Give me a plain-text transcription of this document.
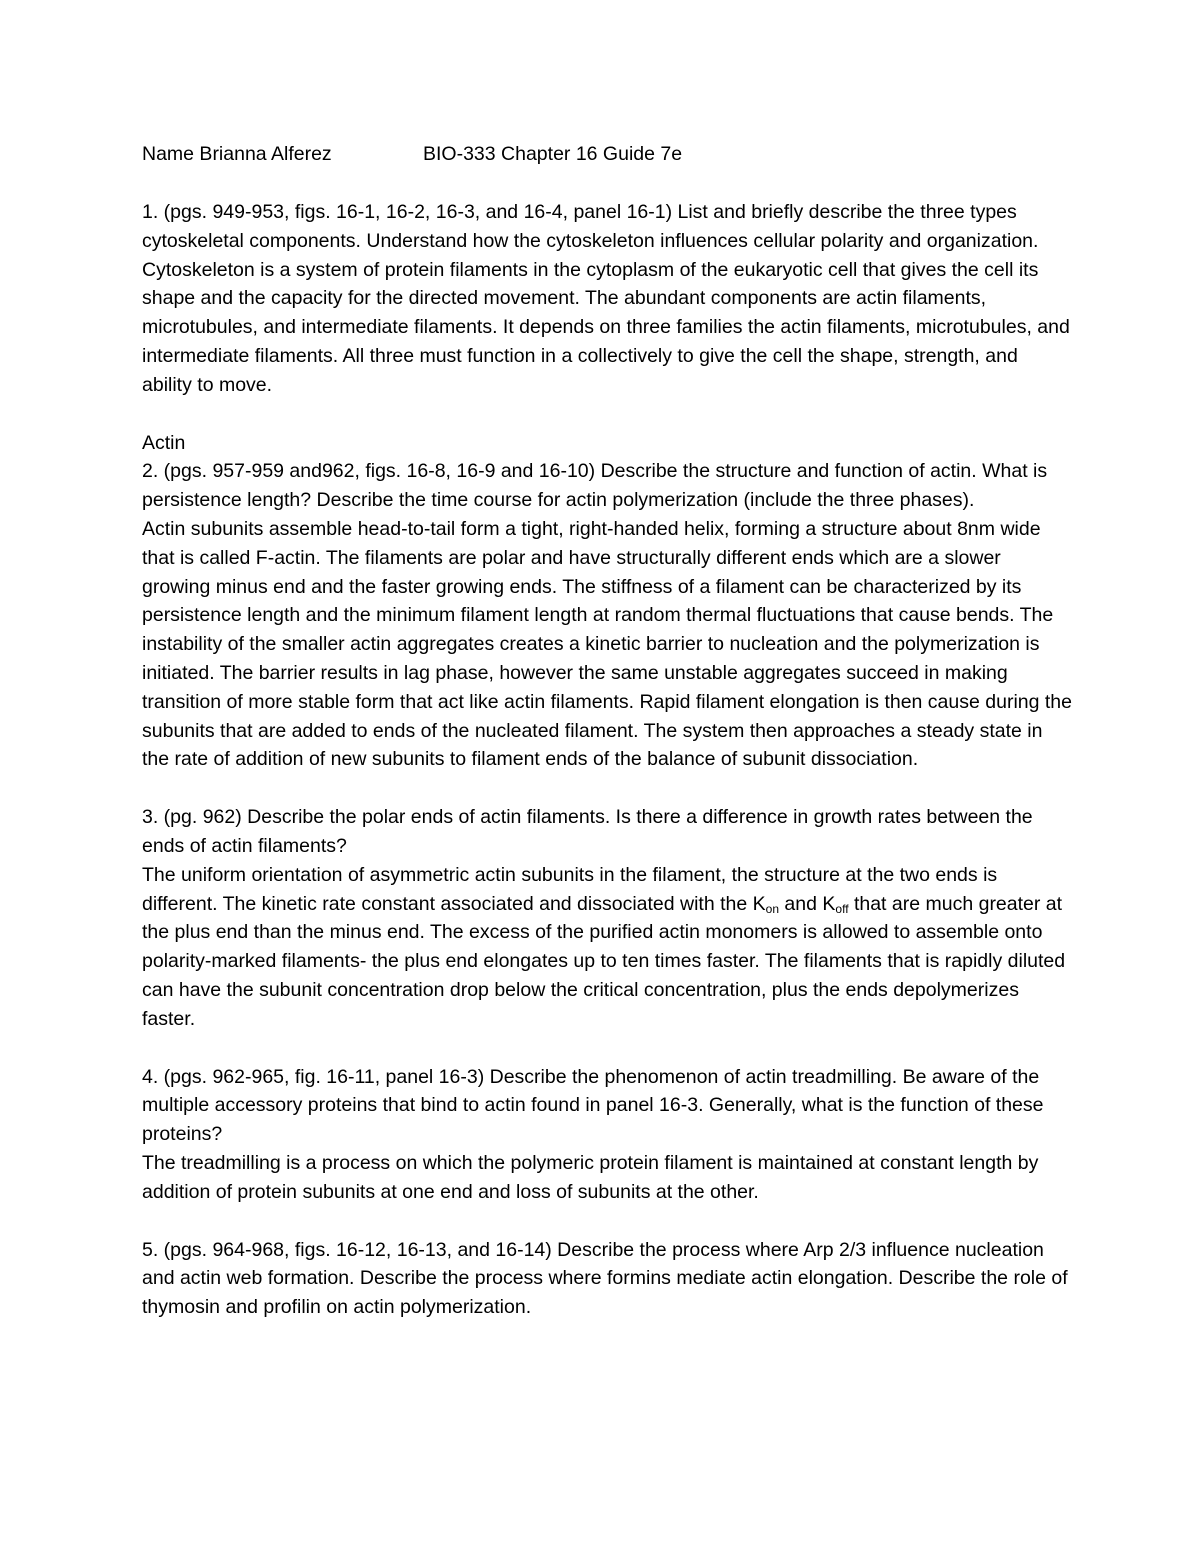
Name Brianna Alferez	BIO-333 Chapter 16 Guide 7e

1. (pgs. 949-953, figs. 16-1, 16-2, 16-3, and 16-4, panel 16-1) List and briefly describe the three types cytoskeletal components. Understand how the cytoskeleton influences cellular polarity and organization.

Cytoskeleton is a system of protein filaments in the cytoplasm of the eukaryotic cell that gives the cell its shape and the capacity for the directed movement. The abundant components are actin filaments, microtubules, and intermediate filaments. It depends on three families the actin filaments, microtubules, and intermediate filaments. All three must function in a collectively to give the cell the shape, strength, and ability to move.

Actin

2. (pgs. 957-959 and962, figs. 16-8, 16-9 and 16-10) Describe the structure and function of actin. What is persistence length? Describe the time course for actin polymerization (include the three phases).

Actin subunits assemble head-to-tail form a tight, right-handed helix, forming a structure about 8nm wide that is called F-actin. The filaments are polar and have structurally different ends which are a slower growing minus end and the faster growing ends. The stiffness of a filament can be characterized by its persistence length and the minimum filament length at random thermal fluctuations that cause bends. The instability of the smaller actin aggregates creates a kinetic barrier to nucleation and the polymerization is initiated. The barrier results in lag phase, however the same unstable aggregates succeed in making transition of more stable form that act like actin filaments. Rapid filament elongation is then cause during the subunits that are added to ends of the nucleated filament. The system then approaches a steady state in the rate of addition of new subunits to filament ends of the balance of subunit dissociation.

3. (pg. 962) Describe the polar ends of actin filaments. Is there a difference in growth rates between the ends of actin filaments?

The uniform orientation of asymmetric actin subunits in the filament, the structure at the two ends is different. The kinetic rate constant associated and dissociated with the $K_{on}$ and $K_{off}$ that are much greater at the plus end than the minus end. The excess of the purified actin monomers is allowed to assemble onto polarity-marked filaments- the plus end elongates up to ten times faster. The filaments that is rapidly diluted can have the subunit concentration drop below the critical concentration, plus the ends depolymerizes faster.

4. (pgs. 962-965, fig. 16-11, panel 16-3) Describe the phenomenon of actin treadmilling. Be aware of the multiple accessory proteins that bind to actin found in panel 16-3. Generally, what is the function of these proteins?

The treadmilling is a process on which the polymeric protein filament is maintained at constant length by addition of protein subunits at one end and loss of subunits at the other.

5. (pgs. 964-968, figs. 16-12, 16-13, and 16-14) Describe the process where Arp 2/3 influence nucleation and actin web formation. Describe the process where formins mediate actin elongation. Describe the role of thymosin and profilin on actin polymerization.
